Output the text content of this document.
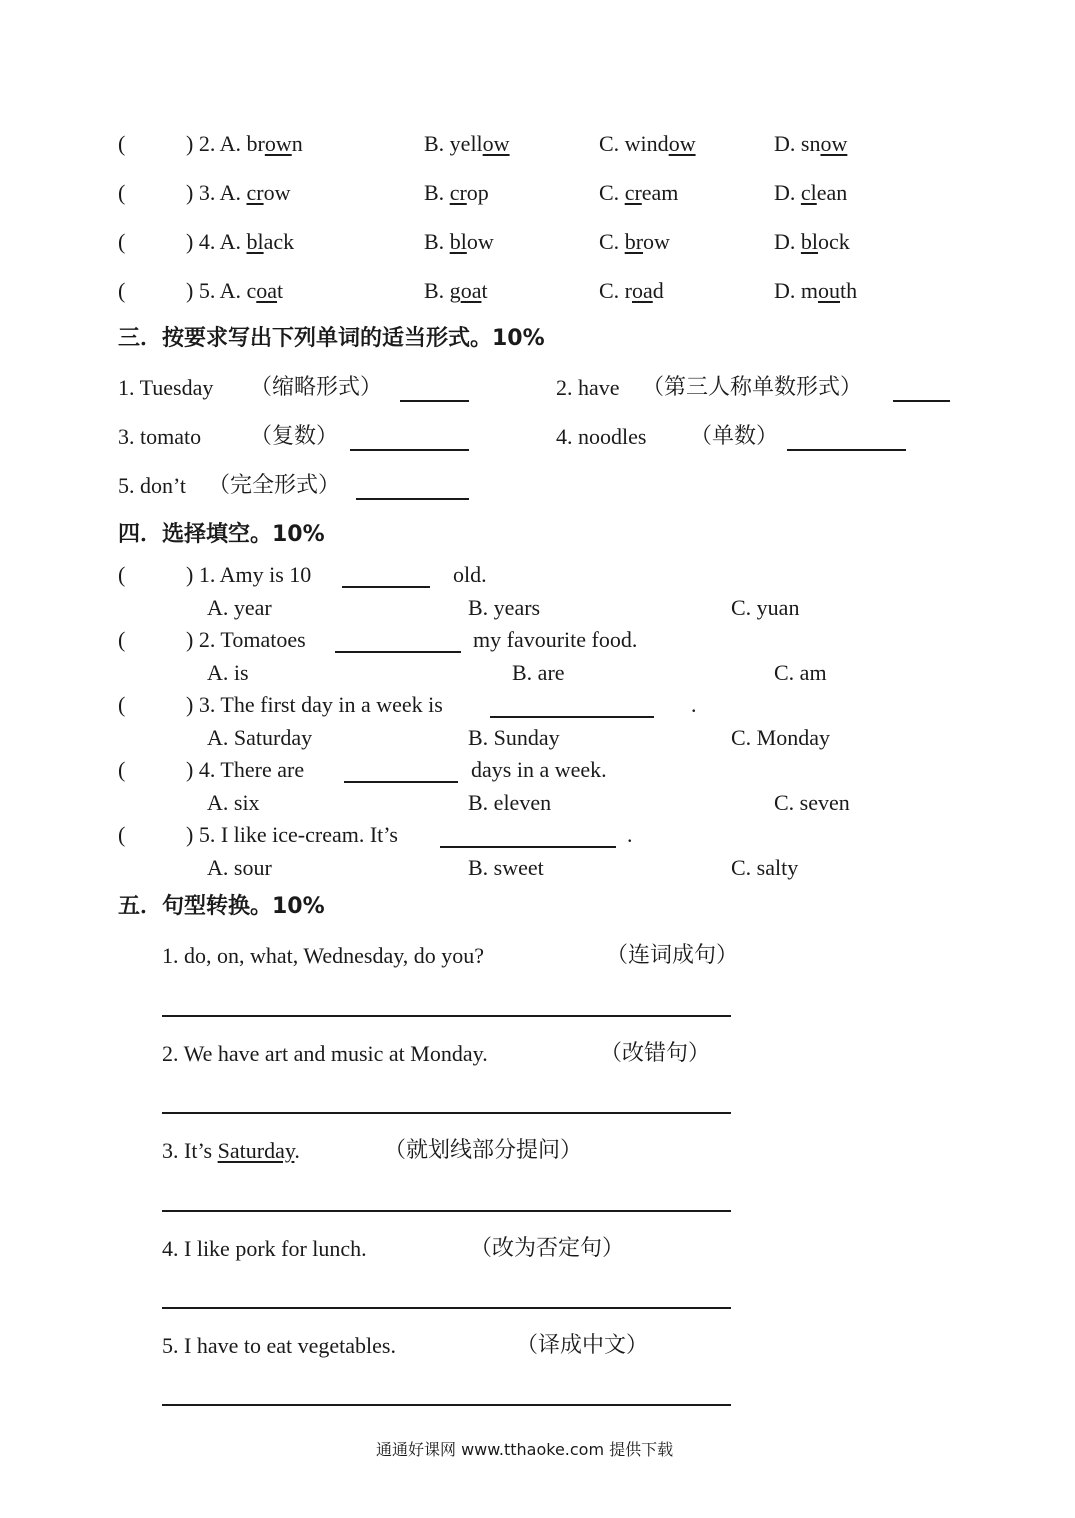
(	) 2. A. brown	B. yellow	C. window	D. snow
(	) 3. A. crow	B. crop	C. cream	D. clean
(	) 4. A. black	B. blow	C. brow	D. block
(	) 5. A. coat	B. goat	C. road	D. mouth
三．按要求写出下列单词的适当形式。10%
1. Tuesday （缩略形式）	2. have （第三人称单数形式）
3. tomato （复数）	4. noodles （单数）
5. don’t （完全形式）
四．选择填空。10%
(	) 1. Amy is 10	old.
A. year	B. years	C. yuan
(	) 2. Tomatoes	my favourite food.
A. is	B. are	C. am
(	) 3. The first day in a week is	.
A. Saturday	B. Sunday	C. Monday
(	) 4. There are	days in a week.
A. six	B. eleven	C. seven
(	) 5. I like ice-cream. It’s	.
A. sour	B. sweet	C. salty
五．句型转换。10%
1. do, on, what, Wednesday, do you?	（连词成句）
2. We have art and music at Monday.	（改错句）
3. It’s Saturday.	（就划线部分提问）
4. I like pork for lunch.	（改为否定句）
5. I have to eat vegetables.	（译成中文）
通通好课网 www.tthaoke.com 提供下载
